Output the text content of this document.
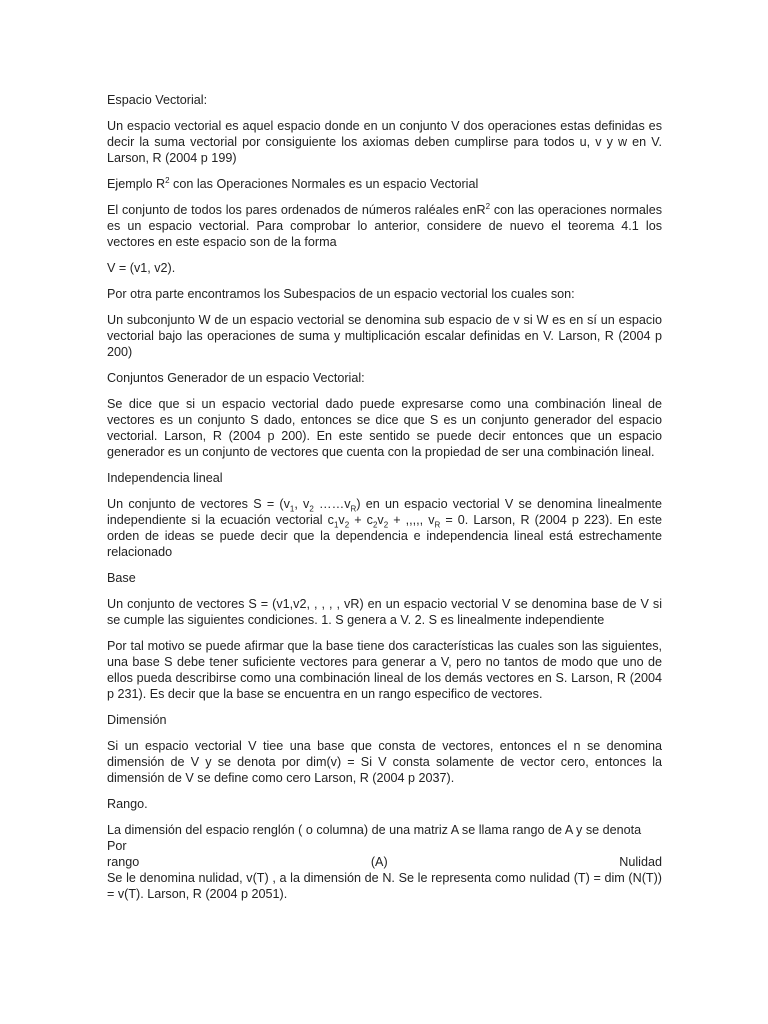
Espacio Vectorial:

Un espacio vectorial es aquel espacio donde en un conjunto V dos operaciones estas definidas es decir la suma vectorial por consiguiente los axiomas deben cumplirse para todos u, v y w en V. Larson, R (2004 p 199)

Ejemplo $R^2$ con las Operaciones Normales es un espacio Vectorial

El conjunto de todos los pares ordenados de números raléales enR$^2$ con las operaciones normales es un espacio vectorial. Para comprobar lo anterior, considere de nuevo el teorema 4.1 los vectores en este espacio son de la forma

V = (v1, v2).

Por otra parte encontramos los Subespacios de un espacio vectorial los cuales son:

Un subconjunto W de un espacio vectorial se denomina sub espacio de v si W es en sí un espacio vectorial bajo las operaciones de suma y multiplicación escalar definidas en V. Larson, R (2004 p 200)

Conjuntos Generador de un espacio Vectorial:

Se dice que si un espacio vectorial dado puede expresarse como una combinación lineal de vectores es un conjunto S dado, entonces se dice que S es un conjunto generador del espacio vectorial. Larson, R (2004 p 200). En este sentido se puede decir entonces que un espacio generador es un conjunto de vectores que cuenta con la propiedad de ser una combinación lineal.

Independencia lineal

Un conjunto de vectores $S = (v_1$, $v_2$ $\dots\dots v_R$) en un espacio vectorial V se denomina linealmente independiente si la ecuación vectorial $c_1v_2 + c_2v_2$ + ,,,,, $v_R = 0$. Larson, R (2004 p 223). En este orden de ideas se puede decir que la dependencia e independencia lineal está estrechamente relacionado

Base

Un conjunto de vectores S = (v1,v2, , , , , vR) en un espacio vectorial V se denomina base de V si se cumple las siguientes condiciones. 1. S genera a V. 2. S es linealmente independiente

Por tal motivo se puede afirmar que la base tiene dos características las cuales son las siguientes, una base S debe tener suficiente vectores para generar a V, pero no tantos de modo que uno de ellos pueda describirse como una combinación lineal de los demás vectores en S. Larson, R (2004 p 231). Es decir que la base se encuentra en un rango especifico de vectores.

Dimensión

Si un espacio vectorial V tiee una base que consta de vectores, entonces el n se denomina dimensión de V y se denota por dim(v) = Si V consta solamente de vector cero, entonces la dimensión de V se define como cero Larson, R (2004 p 2037).

Rango.

La dimensión del espacio renglón ( o columna) de una matriz A se llama rango de A y se denota Por
rango	(A)	Nulidad
Se le denomina nulidad, v(T) , a la dimensión de N. Se le representa como nulidad (T) = dim (N(T)) = v(T). Larson, R (2004 p 2051).
